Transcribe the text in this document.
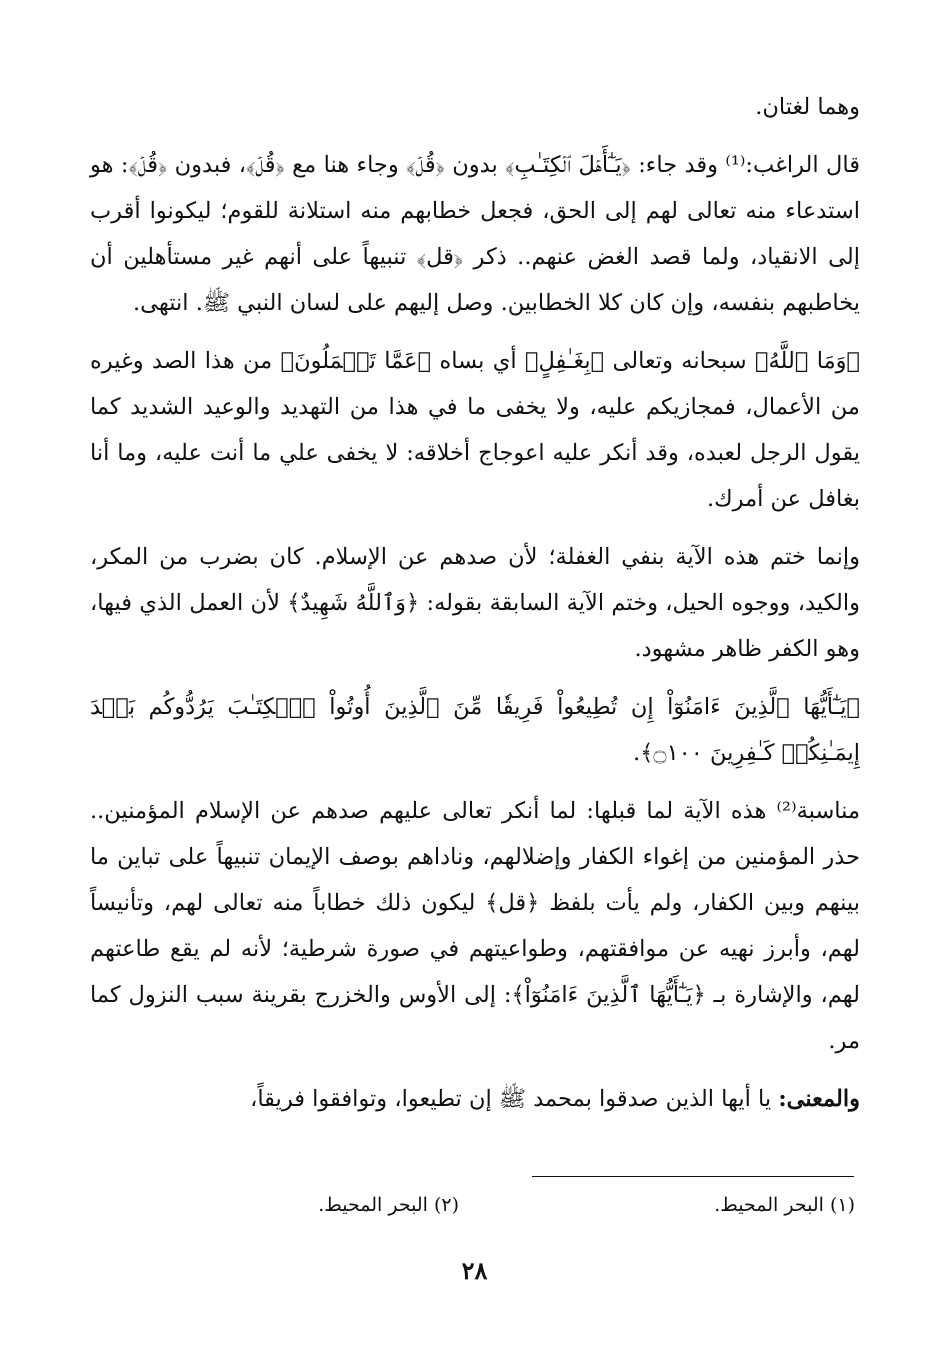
وهما لغتان.

قال الراغب:⁽¹⁾ وقد جاء: ﴿يَـٰٓأَهۡلَ ٱلۡكِتَـٰبِ﴾ بدون ﴿قُلۡ﴾ وجاء هنا مع ﴿قُلۡ﴾، فبدون ﴿قُلۡ﴾: هو استدعاء منه تعالى لهم إلى الحق، فجعل خطابهم منه استلانة للقوم؛ ليكونوا أقرب إلى الانقياد، ولما قصد الغض عنهم.. ذكر ﴿قل﴾ تنبيهاً على أنهم غير مستأهلين أن يخاطبهم بنفسه، وإن كان كلا الخطابين. وصل إليهم على لسان النبي ﷺ. انتهى.

﴿وَمَا ٱللَّهُ﴾ سبحانه وتعالى ﴿بِغَـٰفِلٍ﴾ أي بساه ﴿عَمَّا تَعۡمَلُونَ﴾ من هذا الصد وغيره من الأعمال، فمجازيكم عليه، ولا يخفى ما في هذا من التهديد والوعيد الشديد كما يقول الرجل لعبده، وقد أنكر عليه اعوجاج أخلاقه: لا يخفى علي ما أنت عليه، وما أنا بغافل عن أمرك.

وإنما ختم هذه الآية بنفي الغفلة؛ لأن صدهم عن الإسلام. كان بضرب من المكر، والكيد، ووجوه الحيل، وختم الآية السابقة بقوله: ﴿وَٱللَّهُ شَهِيدٌ﴾ لأن العمل الذي فيها، وهو الكفر ظاهر مشهود.

﴿يَـٰٓأَيُّهَا ٱلَّذِينَ ءَامَنُوٓاْ إِن تُطِيعُواْ فَرِيقٗا مِّنَ ٱلَّذِينَ أُوتُواْ ٱلۡكِتَـٰبَ يَرُدُّوكُم بَعۡدَ إِيمَـٰنِكُمۡ كَـٰفِرِينَ ۝١٠٠﴾.

مناسبة⁽²⁾ هذه الآية لما قبلها: لما أنكر تعالى عليهم صدهم عن الإسلام المؤمنين.. حذر المؤمنين من إغواء الكفار وإضلالهم، وناداهم بوصف الإيمان تنبيهاً على تباين ما بينهم وبين الكفار، ولم يأت بلفظ ﴿قل﴾ ليكون ذلك خطاباً منه تعالى لهم، وتأنيساً لهم، وأبرز نهيه عن موافقتهم، وطواعيتهم في صورة شرطية؛ لأنه لم يقع طاعتهم لهم، والإشارة بـ ﴿يَـٰٓأَيُّهَا ٱلَّذِينَ ءَامَنُوٓاْ﴾: إلى الأوس والخزرج بقرينة سبب النزول كما مر.

والمعنى: يا أيها الذين صدقوا بمحمد ﷺ إن تطيعوا، وتوافقوا فريقاً،

(١) البحر المحيط.
(٢) البحر المحيط.
٢٨
